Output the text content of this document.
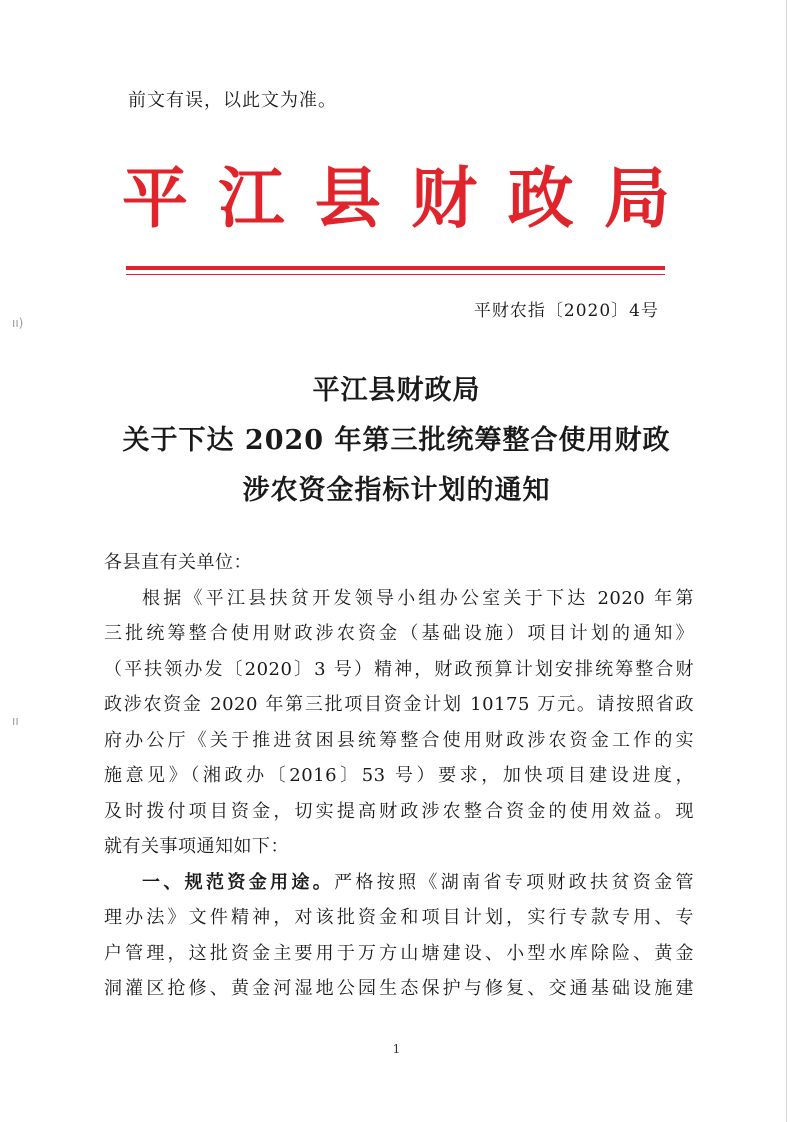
ıı)
ıı
前文有误，以此文为准。
平 江 县 财 政 局
平财农指〔2020〕4号
平江县财政局
关于下达 2020 年第三批统筹整合使用财政
涉农资金指标计划的通知
各县直有关单位：
根据《平江县扶贫开发领导小组办公室关于下达 2020 年第
三批统筹整合使用财政涉农资金（基础设施）项目计划的通知》
（平扶领办发〔2020〕3 号）精神，财政预算计划安排统筹整合财
政涉农资金 2020 年第三批项目资金计划 10175 万元。请按照省政
府办公厅《关于推进贫困县统筹整合使用财政涉农资金工作的实
施意见》（湘政办〔2016〕53 号）要求，加快项目建设进度，
及时拨付项目资金，切实提高财政涉农整合资金的使用效益。现
就有关事项通知如下：
一、规范资金用途。严格按照《湖南省专项财政扶贫资金管
理办法》文件精神，对该批资金和项目计划，实行专款专用、专
户管理，这批资金主要用于万方山塘建设、小型水库除险、黄金
洞灌区抢修、黄金河湿地公园生态保护与修复、交通基础设施建
1
